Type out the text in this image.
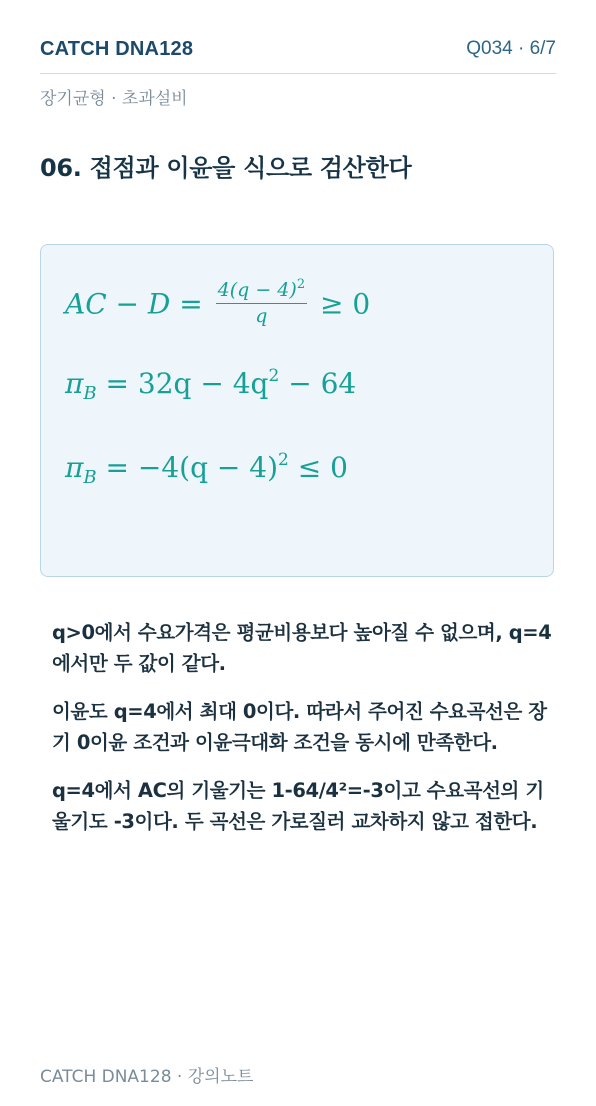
CATCH DNA128	Q034 · 6/7
장기균형 · 초과설비
06. 접점과 이윤을 식으로 검산한다
AC − $D = \frac{4(q - 4)^2}{q} \ge 0$
$\pi_B = 32q - 4q^2 - 64$
$\pi_B = -4(q - 4)^2 \le 0$
q>0에서 수요가격은 평균비용보다 높아질 수 없으며, q=4에서만 두 값이 같다.
이윤도 q=4에서 최대 0이다. 따라서 주어진 수요곡선은 장기 0이윤 조건과 이윤극대화 조건을 동시에 만족한다.
q=4에서 AC의 기울기는 1-64/4²=-3이고 수요곡선의 기울기도 -3이다. 두 곡선은 가로질러 교차하지 않고 접한다.
CATCH DNA128 · 강의노트
